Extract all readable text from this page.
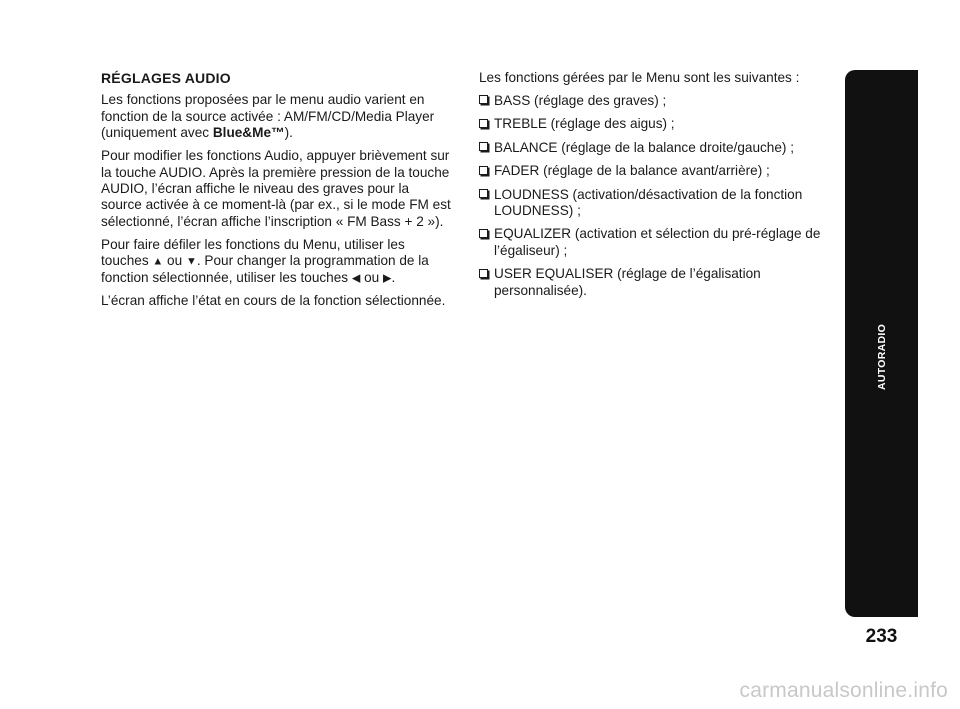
RÉGLAGES AUDIO

Les fonctions proposées par le menu audio varient en fonction de la source activée : AM/FM/CD/Media Player (uniquement avec Blue&Me™).

Pour modifier les fonctions Audio, appuyer brièvement sur la touche AUDIO. Après la première pression de la touche AUDIO, l’écran affiche le niveau des graves pour la source activée à ce moment-là (par ex., si le mode FM est sélectionné, l’écran affiche l’inscription « FM Bass + 2 »).

Pour faire défiler les fonctions du Menu, utiliser les touches ▲ ou ▼. Pour changer la programmation de la fonction sélectionnée, utiliser les touches ◀ ou ▶.

L’écran affiche l’état en cours de la fonction sélectionnée.

Les fonctions gérées par le Menu sont les suivantes :

BASS (réglage des graves) ;
TREBLE (réglage des aigus) ;
BALANCE (réglage de la balance droite/gauche) ;
FADER (réglage de la balance avant/arrière) ;
LOUDNESS (activation/désactivation de la fonction LOUDNESS) ;
EQUALIZER (activation et sélection du pré-réglage de l’égaliseur) ;
USER EQUALISER (réglage de l’égalisation personnalisée).
AUTORADIO
233
carmanualsonline.info
